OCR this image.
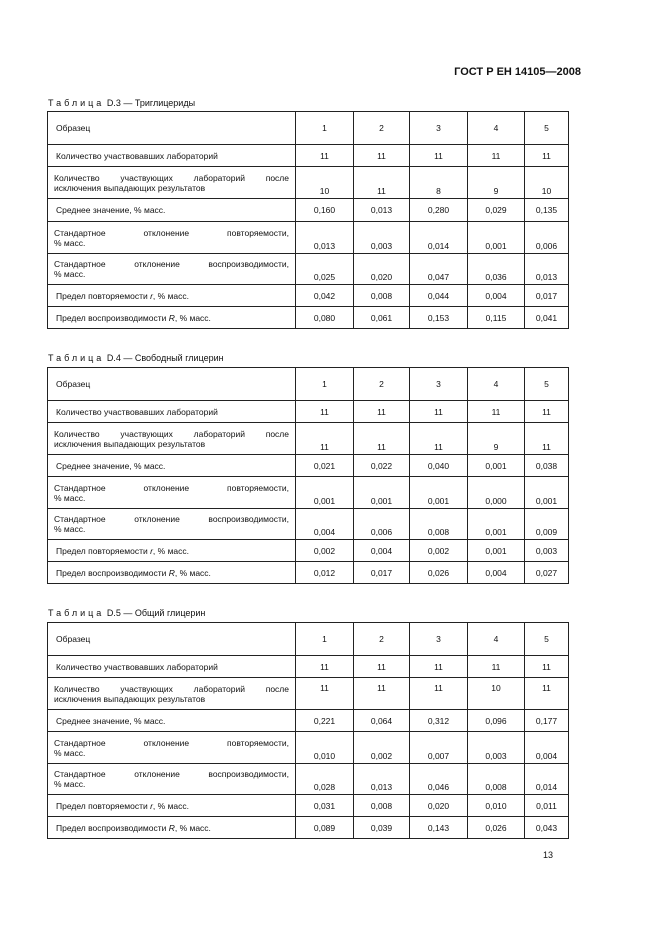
ГОСТ Р ЕН 14105—2008
Таблица D.3 — Триглицериды
Образец	1	2	3	4	5
Количество участвовавших лабораторий	11	11	11	11	11

Количество участвующих лабораторий после
исключения выпадающих результатов	10	11	8	9	10
Среднее значение, % масс.	0,160	0,013	0,280	0,029	0,135

Стандартное отклонение повторяемости,
% масс.	0,013	0,003	0,014	0,001	0,006

Стандартное отклонение воспроизводимости,
% масс.	0,025	0,020	0,047	0,036	0,013
Предел повторяемости r, % масс.	0,042	0,008	0,044	0,004	0,017
Предел воспроизводимости R, % масс.	0,080	0,061	0,153	0,115	0,041
Таблица D.4 — Свободный глицерин
Образец	1	2	3	4	5
Количество участвовавших лабораторий	11	11	11	11	11

Количество участвующих лабораторий после
исключения выпадающих результатов	11	11	11	9	11
Среднее значение, % масс.	0,021	0,022	0,040	0,001	0,038

Стандартное отклонение повторяемости,
% масс.	0,001	0,001	0,001	0,000	0,001

Стандартное отклонение воспроизводимости,
% масс.	0,004	0,006	0,008	0,001	0,009
Предел повторяемости r, % масс.	0,002	0,004	0,002	0,001	0,003
Предел воспроизводимости R, % масс.	0,012	0,017	0,026	0,004	0,027
Таблица D.5 — Общий глицерин
Образец	1	2	3	4	5
Количество участвовавших лабораторий	11	11	11	11	11

Количество участвующих лабораторий после
исключения выпадающих результатов	11	11	11	10	11
Среднее значение, % масс.	0,221	0,064	0,312	0,096	0,177

Стандартное отклонение повторяемости,
% масс.	0,010	0,002	0,007	0,003	0,004

Стандартное отклонение воспроизводимости,
% масс.	0,028	0,013	0,046	0,008	0,014
Предел повторяемости r, % масс.	0,031	0,008	0,020	0,010	0,011
Предел воспроизводимости R, % масс.	0,089	0,039	0,143	0,026	0,043
13
